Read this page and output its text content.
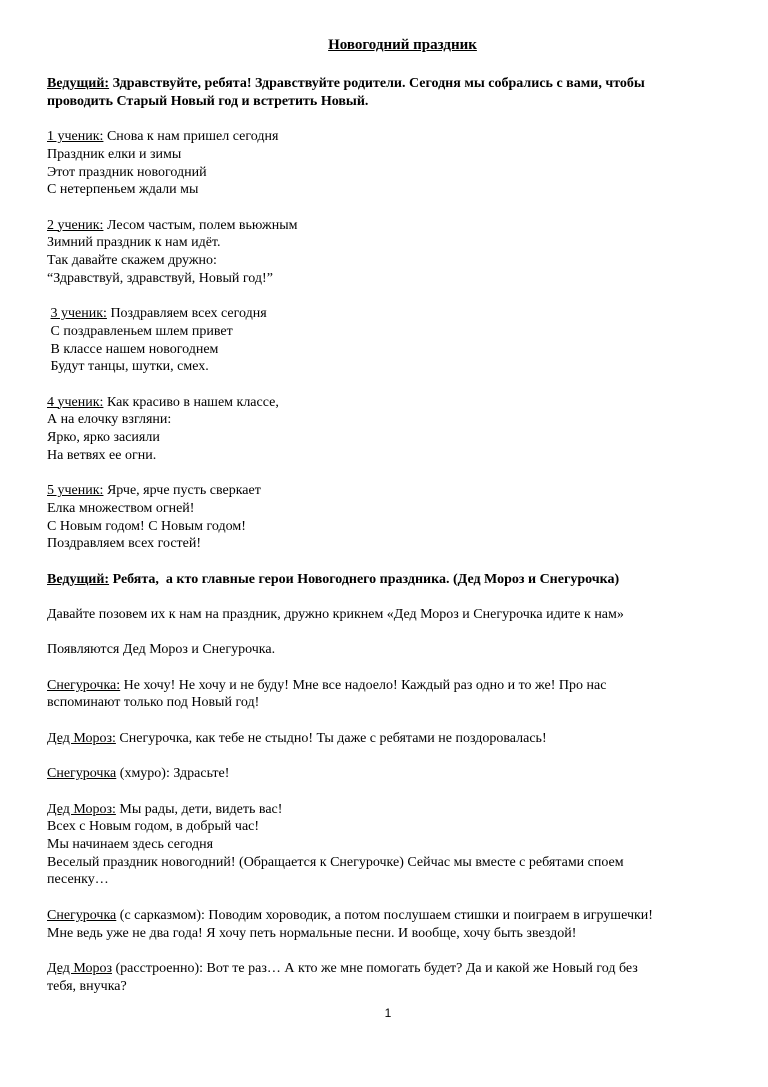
Новогодний праздник
Ведущий: Здравствуйте, ребята! Здравствуйте родители. Сегодня мы собрались с вами, чтобы
проводить Старый Новый год и встретить Новый.
1 ученик: Снова к нам пришел сегодня
Праздник елки и зимы
Этот праздник новогодний
С нетерпеньем ждали мы
2 ученик: Лесом частым, полем вьюжным
Зимний праздник к нам идёт.
Так давайте скажем дружно:
“Здравствуй, здравствуй, Новый год!”
3 ученик: Поздравляем всех сегодня
С поздравленьем шлем привет
В классе нашем новогоднем
Будут танцы, шутки, смех.
4 ученик: Как красиво в нашем классе,
А на елочку взгляни:
Ярко, ярко засияли
На ветвях ее огни.
5 ученик: Ярче, ярче пусть сверкает
Елка множеством огней!
С Новым годом! С Новым годом!
Поздравляем всех гостей!
Ведущий: Ребята,  а кто главные герои Новогоднего праздника. (Дед Мороз и Снегурочка)
Давайте позовем их к нам на праздник, дружно крикнем «Дед Мороз и Снегурочка идите к нам»
Появляются Дед Мороз и Снегурочка.
Снегурочка: Не хочу! Не хочу и не буду! Мне все надоело! Каждый раз одно и то же! Про нас
вспоминают только под Новый год!
Дед Мороз: Снегурочка, как тебе не стыдно! Ты даже с ребятами не поздоровалась!
Снегурочка (хмуро): Здрасьте!
Дед Мороз: Мы рады, дети, видеть вас!
Всех с Новым годом, в добрый час!
Мы начинаем здесь сегодня
Веселый праздник новогодний! (Обращается к Снегурочке) Сейчас мы вместе с ребятами споем
песенку…
Снегурочка (с сарказмом): Поводим хороводик, а потом послушаем стишки и поиграем в игрушечки!
Мне ведь уже не два года! Я хочу петь нормальные песни. И вообще, хочу быть звездой!
Дед Мороз (расстроенно): Вот те раз… А кто же мне помогать будет? Да и какой же Новый год без
тебя, внучка?
1
